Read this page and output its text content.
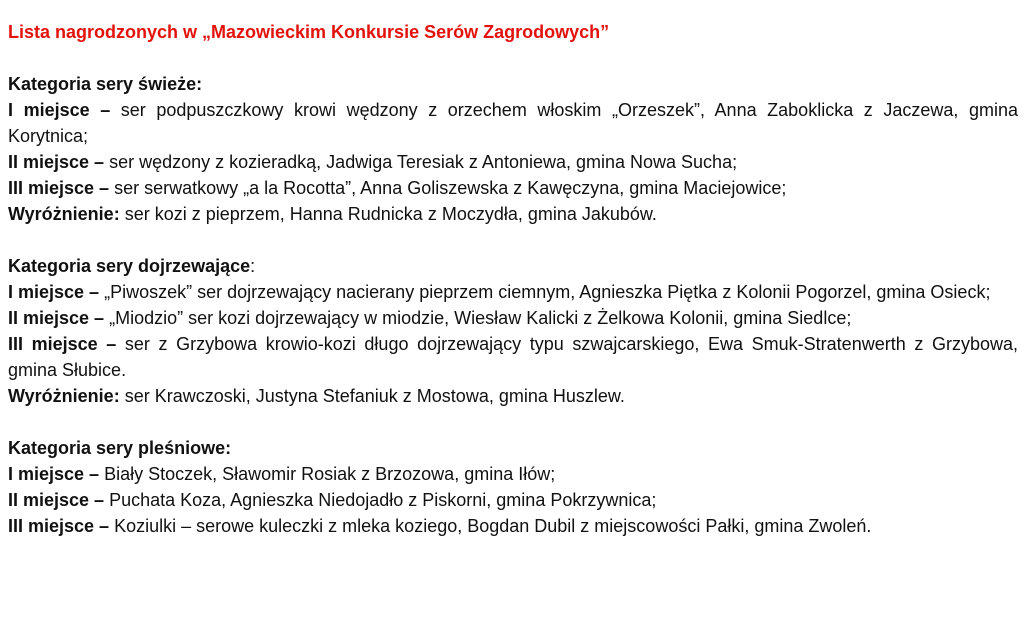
Lista nagrodzonych w „Mazowieckim Konkursie Serów Zagrodowych”

Kategoria sery świeże:

I miejsce – ser podpuszczkowy krowi wędzony z orzechem włoskim „Orzeszek”, Anna Zaboklicka z Jaczewa, gmina Korytnica;

II miejsce – ser wędzony z kozieradką, Jadwiga Teresiak z Antoniewa, gmina Nowa Sucha;

III miejsce – ser serwatkowy „a la Rocotta”, Anna Goliszewska z Kawęczyna, gmina Maciejowice;

Wyróżnienie: ser kozi z pieprzem, Hanna Rudnicka z Moczydła, gmina Jakubów.

Kategoria sery dojrzewające:

I miejsce – „Piwoszek” ser dojrzewający nacierany pieprzem ciemnym, Agnieszka Piętka z Kolonii Pogorzel, gmina Osieck;

II miejsce – „Miodzio” ser kozi dojrzewający w miodzie, Wiesław Kalicki z Żelkowa Kolonii, gmina Siedlce;

III miejsce – ser z Grzybowa krowio-kozi długo dojrzewający typu szwajcarskiego, Ewa Smuk-Stratenwerth z Grzybowa, gmina Słubice.

Wyróżnienie: ser Krawczoski, Justyna Stefaniuk z Mostowa, gmina Huszlew.

Kategoria sery pleśniowe:

I miejsce – Biały Stoczek, Sławomir Rosiak z Brzozowa, gmina Iłów;

II miejsce – Puchata Koza, Agnieszka Niedojadło z Piskorni, gmina Pokrzywnica;

III miejsce – Koziulki – serowe kuleczki z mleka koziego, Bogdan Dubil z miejscowości Pałki, gmina Zwoleń.
